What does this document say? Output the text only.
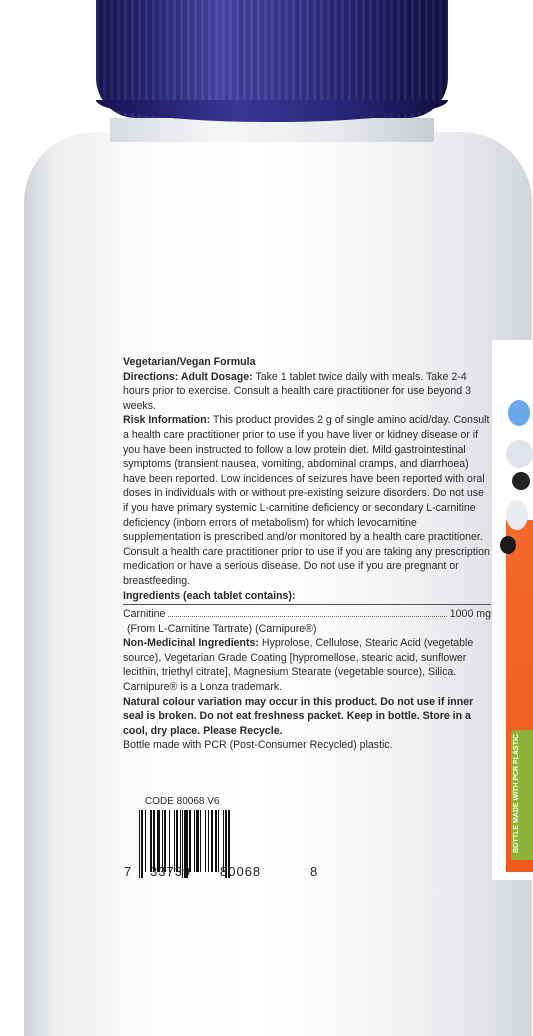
BOTTLE MADE WITH PCR PLASTIC

Vegetarian/Vegan Formula

Directions: Adult Dosage: Take 1 tablet twice daily with meals. Take 2-4 hours prior to exercise. Consult a health care practitioner for use beyond 3 weeks.

Risk Information: This product provides 2 g of single amino acid/day. Consult a health care practitioner prior to use if you have liver or kidney disease or if you have been instructed to follow a low protein diet. Mild gastrointestinal symptoms (transient nausea, vomiting, abdominal cramps, and diarrhoea) have been reported. Low incidences of seizures have been reported with oral doses in individuals with or without pre-existing seizure disorders. Do not use if you have primary systemic L-carnitine deficiency or secondary L-carnitine deficiency (inborn errors of metabolism) for which levocarnitine supplementation is prescribed and/or monitored by a health care practitioner. Consult a health care practitioner prior to use if you are taking any prescription medication or have a serious disease. Do not use if you are pregnant or breastfeeding.

Ingredients (each tablet contains):

Carnitine	1000 mg

(From L-Carnitine Tartrate) (Carnipure®)

Non-Medicinal Ingredients: Hyprolose, Cellulose, Stearic Acid (vegetable source), Vegetarian Grade Coating [hypromellose, stearic acid, sunflower lecithin, triethyl citrate], Magnesium Stearate (vegetable source), Silica.

Carnipure® is a Lonza trademark.

Natural colour variation may occur in this product. Do not use if inner seal is broken. Do not eat freshness packet. Keep in bottle. Store in a cool, dry place. Please Recycle.

Bottle made with PCR (Post-Consumer Recycled) plastic.

CODE 80068 V6
7 33739 80068	8
